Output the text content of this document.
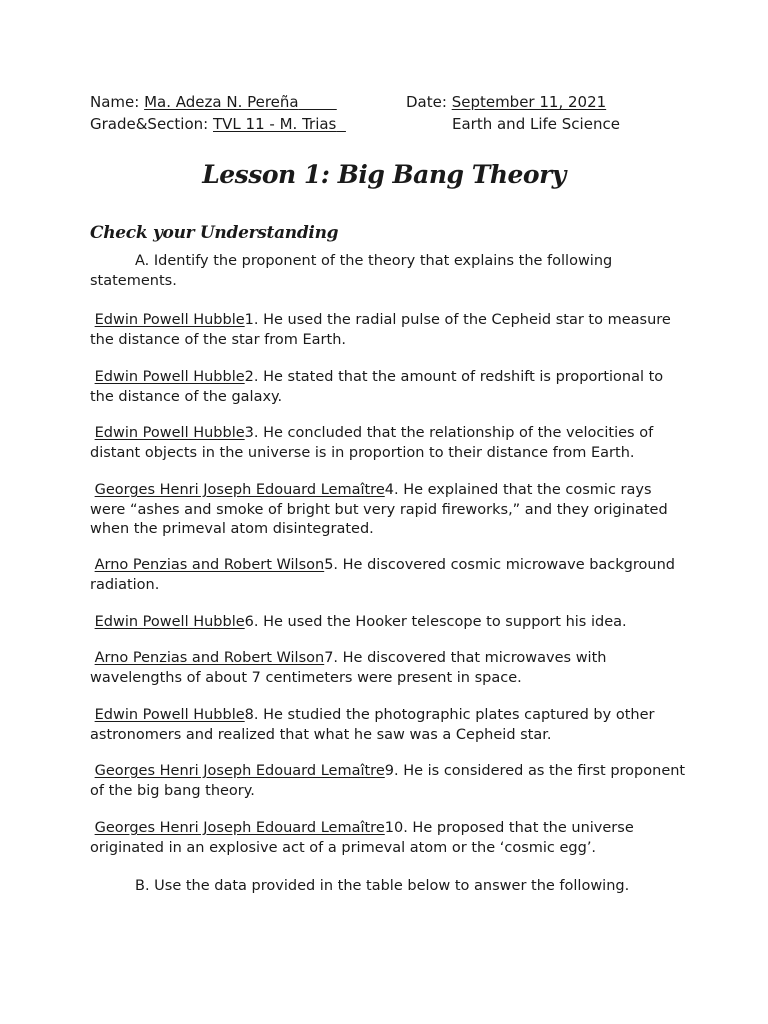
Name: Ma. Adeza N. Pereña	Date: September 11, 2021
Grade&Section: TVL 11 - M. Trias	Earth and Life Science
Lesson 1: Big Bang Theory
Check your Understanding
A. Identify the proponent of the theory that explains the following statements.
Edwin Powell Hubble1. He used the radial pulse of the Cepheid star to measure the distance of the star from Earth.
Edwin Powell Hubble2. He stated that the amount of redshift is proportional to the distance of the galaxy.
Edwin Powell Hubble3. He concluded that the relationship of the velocities of distant objects in the universe is in proportion to their distance from Earth.
Georges Henri Joseph Edouard Lemaître4. He explained that the cosmic rays were “ashes and smoke of bright but very rapid fireworks,” and they originated when the primeval atom disintegrated.
Arno Penzias and Robert Wilson5. He discovered cosmic microwave background radiation.
Edwin Powell Hubble6. He used the Hooker telescope to support his idea.
Arno Penzias and Robert Wilson7. He discovered that microwaves with wavelengths of about 7 centimeters were present in space.
Edwin Powell Hubble8. He studied the photographic plates captured by other astronomers and realized that what he saw was a Cepheid star.
Georges Henri Joseph Edouard Lemaître9. He is considered as the first proponent of the big bang theory.
Georges Henri Joseph Edouard Lemaître10. He proposed that the universe originated in an explosive act of a primeval atom or the ‘cosmic egg’.
B. Use the data provided in the table below to answer the following.
